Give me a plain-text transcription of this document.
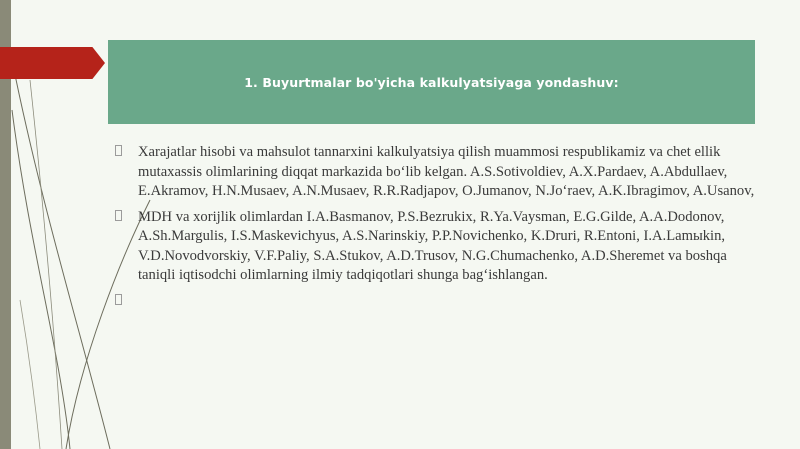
1. Buyurtmalar bo'yicha kalkulyatsiyaga yondashuv:
Xarajatlar hisobi va mahsulot tannarxini kalkulyatsiya qilish muammosi respublikamiz va chet ellik mutaxassis olimlarining diqqat markazida bo‘lib kelgan. A.S.Sotivoldiev, A.X.Pardaev, A.Abdullaev, E.Akramov, H.N.Musaev, A.N.Musaev, R.R.Radjapov, O.Jumanov, N.Jo‘raev, A.K.Ibragimov, A.Usanov,
MDH va xorijlik olimlardan I.A.Basmanov, P.S.Bezrukix, R.Ya.Vaysman, E.G.Gilde, A.A.Dodonov, A.Sh.Margulis, I.S.Maskevichyus, A.S.Narinskiy, P.P.Novichenko, K.Druri, R.Entoni, I.A.Lamыkin, V.D.Novodvorskiy, V.F.Paliy, S.A.Stukov, A.D.Trusov, N.G.Chumachenko, A.D.Sheremet va boshqa taniqli iqtisodchi olimlarning ilmiy tadqiqotlari shunga bag‘ishlangan.
